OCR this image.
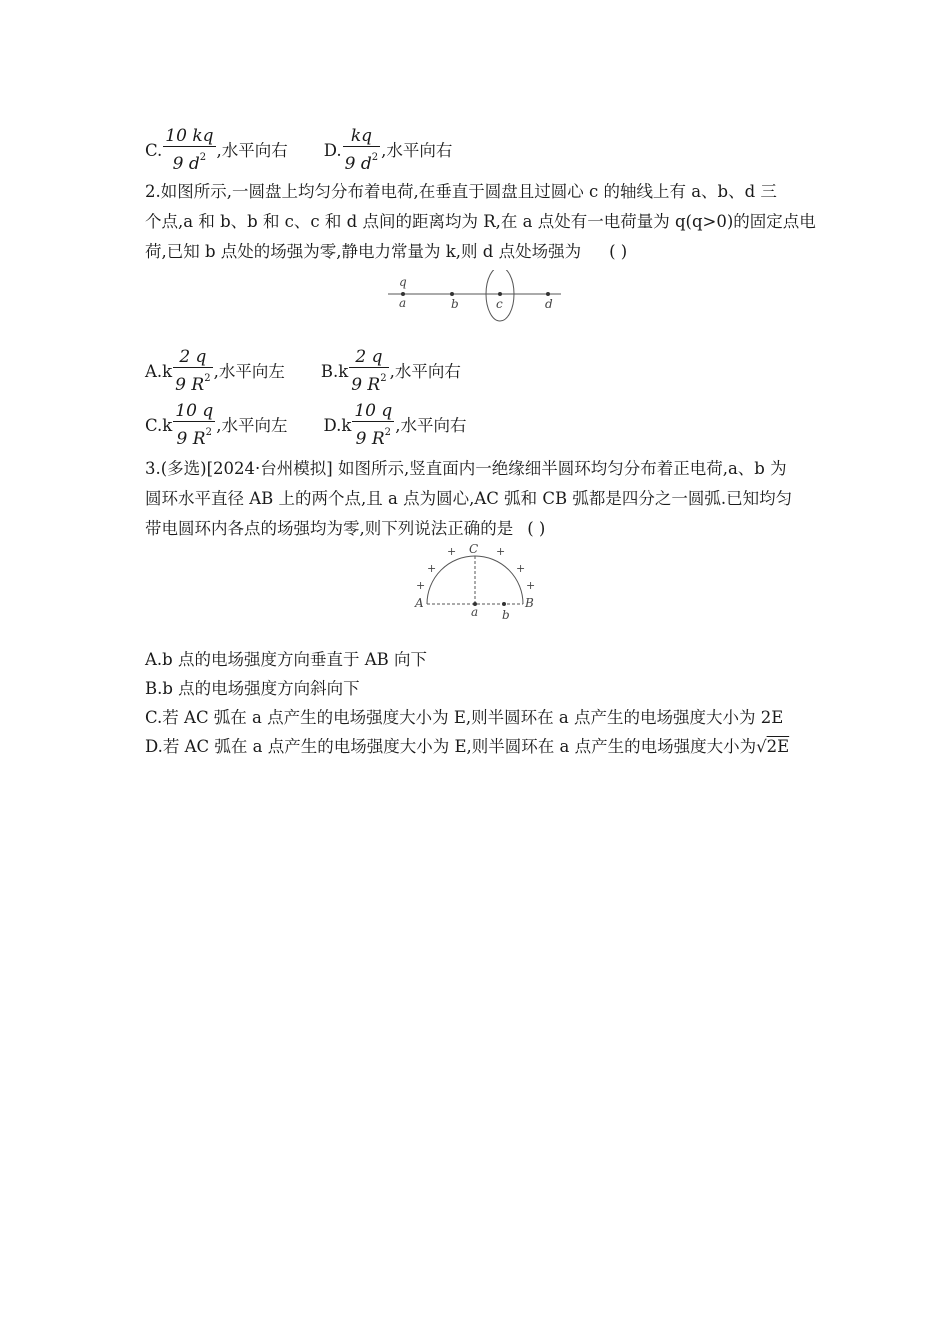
C. $\frac{10 kq}{9 d^2}$ ,水平向右 D. $\frac{kq}{9 d^2}$ ,水平向右
2.如图所示,一圆盘上均匀分布着电荷,在垂直于圆盘且过圆心 c 的轴线上有 a、b、d 三
个点,a 和 b、b 和 c、c 和 d 点间的距离均为 R,在 a 点处有一电荷量为 q(q>0)的固定点电
荷,已知 b 点处的场强为零,静电力常量为 k,则 d 点处场强为 ( )
q
a	b	c	d
$A.k \frac{2 q}{9 R^2}$ ,水平向左 $B.k \frac{2 q}{9 R^2}$ ,水平向右
$C.k \frac{10 q}{9 R^2}$ ,水平向左 $D.k \frac{10 q}{9 R^2}$ ,水平向右
3.(多选)[2024·台州模拟] 如图所示,竖直面内一绝缘细半圆环均匀分布着正电荷,a、b 为
圆环水平直径 AB 上的两个点,且 a 点为圆心,AC 弧和 CB 弧都是四分之一圆弧.已知均匀
带电圆环内各点的场强均为零,则下列说法正确的是 ( )
C
A	B
a b
+	+
+	+
+	+
A.b 点的电场强度方向垂直于 AB 向下
B.b 点的电场强度方向斜向下
C.若 AC 弧在 a 点产生的电场强度大小为 E,则半圆环在 a 点产生的电场强度大小为 2E
D.若 AC 弧在 a 点产生的电场强度大小为 E,则半圆环在 a 点产生的电场强度大小为√2E
